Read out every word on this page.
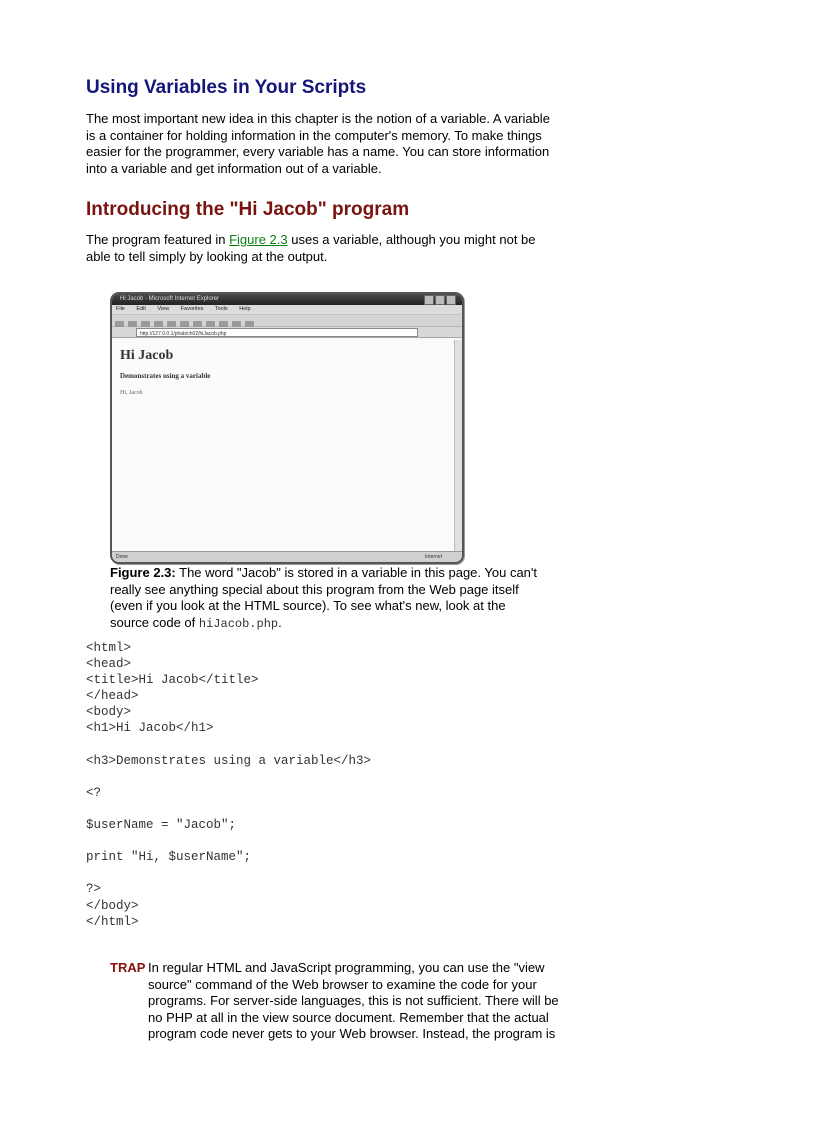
Using Variables in Your Scripts

The most important new idea in this chapter is the notion of a variable. A variable is a container for holding information in the computer's memory. To make things easier for the programmer, every variable has a name. You can store information into a variable and get information out of a variable.

Introducing the "Hi Jacob" program

The program featured in Figure 2.3 uses a variable, although you might not be able to tell simply by looking at the output.

Hi Jacob - Microsoft Internet Explorer
File Edit View Favorites Tools Help
http://127.0.0.1/phab/ch02/hiJacob.php

Hi Jacob

Demonstrates using a variable

Hi, Jacob

Done	Internet

Figure 2.3: The word "Jacob" is stored in a variable in this page. You can't really see anything special about this program from the Web page itself (even if you look at the HTML source). To see what's new, look at the source code of hiJacob.php.

<html>
<head>
<title>Hi Jacob</title>
</head>
<body>
<h1>Hi Jacob</h1>

<h3>Demonstrates using a variable</h3>

<?

$userName = "Jacob";

print "Hi, $userName";

?>
</body>
</html>
TRAP In regular HTML and JavaScript programming, you can use the "view source" command of the Web browser to examine the code for your programs. For server-side languages, this is not sufficient. There will be no PHP at all in the view source document. Remember that the actual program code never gets to your Web browser. Instead, the program is
